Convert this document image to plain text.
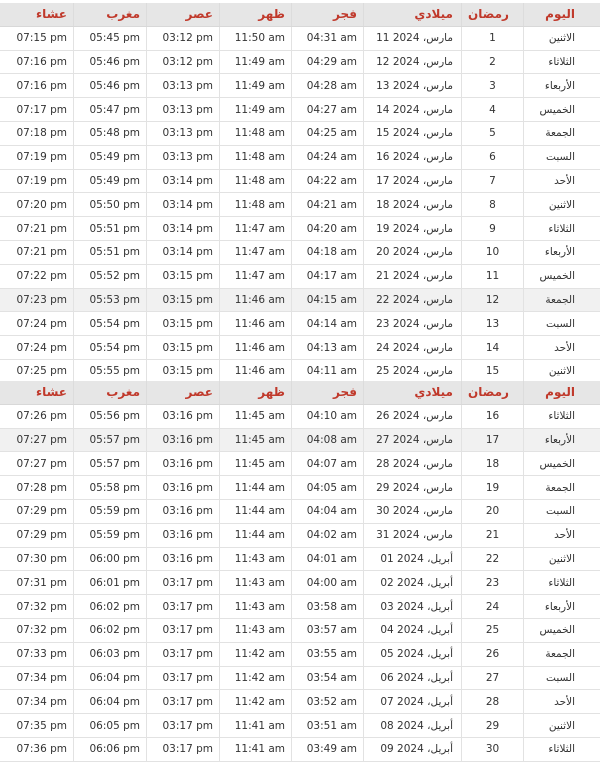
عشاء	مغرب	عصر	ظهر	فجر	ميلادي	رمضان	اليوم
07:15 pm	05:45 pm	03:12 pm	11:50 am	04:31 am	11 مارس، 2024	1	الاثنين
07:16 pm	05:46 pm	03:12 pm	11:49 am	04:29 am	12 مارس، 2024	2	الثلاثاء
07:16 pm	05:46 pm	03:13 pm	11:49 am	04:28 am	13 مارس، 2024	3	الأربعاء
07:17 pm	05:47 pm	03:13 pm	11:49 am	04:27 am	14 مارس، 2024	4	الخميس
07:18 pm	05:48 pm	03:13 pm	11:48 am	04:25 am	15 مارس، 2024	5	الجمعة
07:19 pm	05:49 pm	03:13 pm	11:48 am	04:24 am	16 مارس، 2024	6	السبت
07:19 pm	05:49 pm	03:14 pm	11:48 am	04:22 am	17 مارس، 2024	7	الأحد
07:20 pm	05:50 pm	03:14 pm	11:48 am	04:21 am	18 مارس، 2024	8	الاثنين
07:21 pm	05:51 pm	03:14 pm	11:47 am	04:20 am	19 مارس، 2024	9	الثلاثاء
07:21 pm	05:51 pm	03:14 pm	11:47 am	04:18 am	20 مارس، 2024	10	الأربعاء
07:22 pm	05:52 pm	03:15 pm	11:47 am	04:17 am	21 مارس، 2024	11	الخميس
07:23 pm	05:53 pm	03:15 pm	11:46 am	04:15 am	22 مارس، 2024	12	الجمعة
07:24 pm	05:54 pm	03:15 pm	11:46 am	04:14 am	23 مارس، 2024	13	السبت
07:24 pm	05:54 pm	03:15 pm	11:46 am	04:13 am	24 مارس، 2024	14	الأحد
07:25 pm	05:55 pm	03:15 pm	11:46 am	04:11 am	25 مارس، 2024	15	الاثنين
عشاء	مغرب	عصر	ظهر	فجر	ميلادي	رمضان	اليوم
07:26 pm	05:56 pm	03:16 pm	11:45 am	04:10 am	26 مارس، 2024	16	الثلاثاء
07:27 pm	05:57 pm	03:16 pm	11:45 am	04:08 am	27 مارس، 2024	17	الأربعاء
07:27 pm	05:57 pm	03:16 pm	11:45 am	04:07 am	28 مارس، 2024	18	الخميس
07:28 pm	05:58 pm	03:16 pm	11:44 am	04:05 am	29 مارس، 2024	19	الجمعة
07:29 pm	05:59 pm	03:16 pm	11:44 am	04:04 am	30 مارس، 2024	20	السبت
07:29 pm	05:59 pm	03:16 pm	11:44 am	04:02 am	31 مارس، 2024	21	الأحد
07:30 pm	06:00 pm	03:16 pm	11:43 am	04:01 am	01 أبريل، 2024	22	الاثنين
07:31 pm	06:01 pm	03:17 pm	11:43 am	04:00 am	02 أبريل، 2024	23	الثلاثاء
07:32 pm	06:02 pm	03:17 pm	11:43 am	03:58 am	03 أبريل، 2024	24	الأربعاء
07:32 pm	06:02 pm	03:17 pm	11:43 am	03:57 am	04 أبريل، 2024	25	الخميس
07:33 pm	06:03 pm	03:17 pm	11:42 am	03:55 am	05 أبريل، 2024	26	الجمعة
07:34 pm	06:04 pm	03:17 pm	11:42 am	03:54 am	06 أبريل، 2024	27	السبت
07:34 pm	06:04 pm	03:17 pm	11:42 am	03:52 am	07 أبريل، 2024	28	الأحد
07:35 pm	06:05 pm	03:17 pm	11:41 am	03:51 am	08 أبريل، 2024	29	الاثنين
07:36 pm	06:06 pm	03:17 pm	11:41 am	03:49 am	09 أبريل، 2024	30	الثلاثاء
